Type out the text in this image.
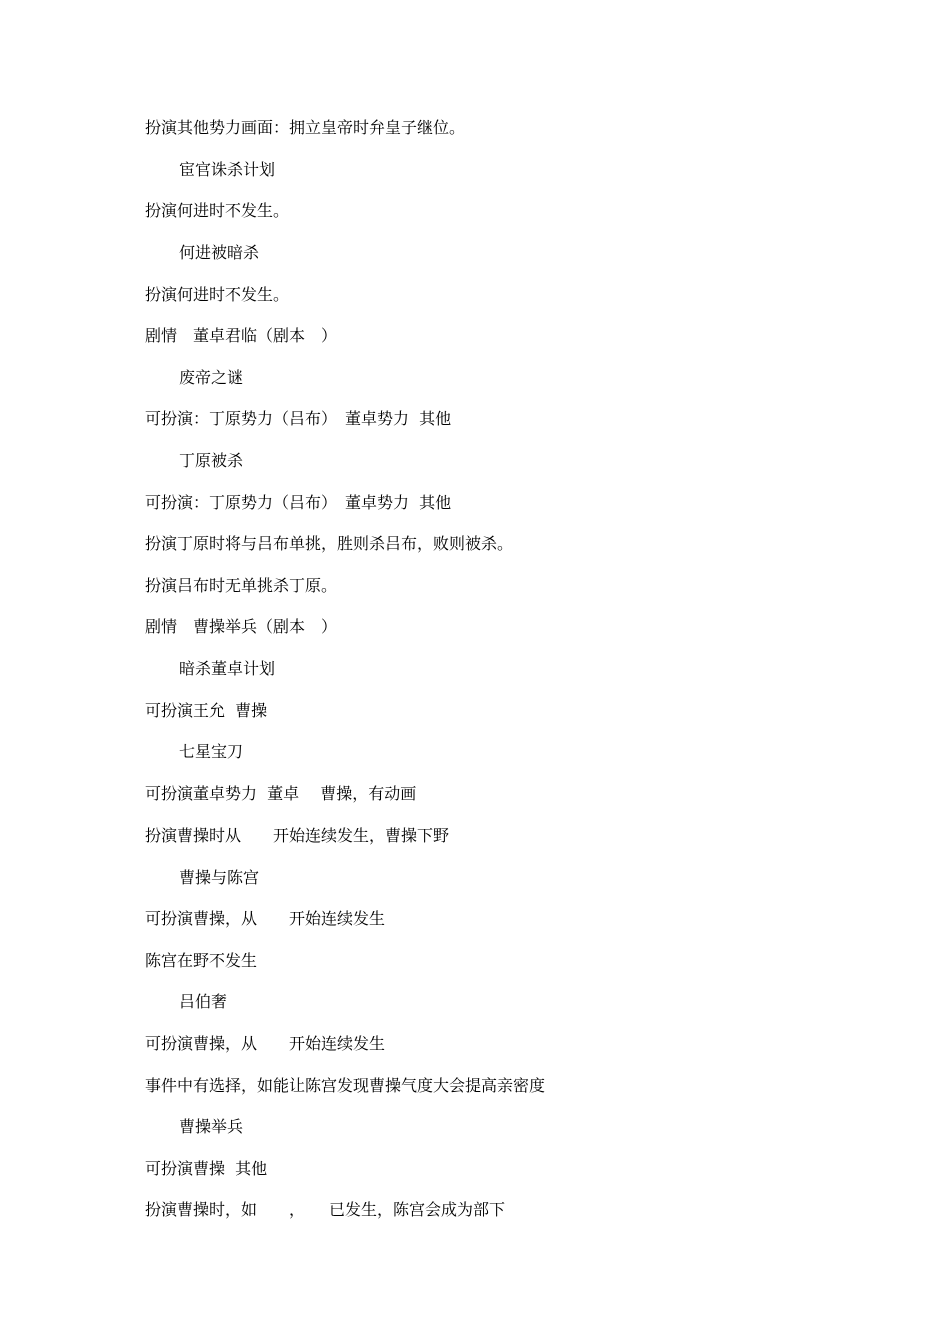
扮演其他势力画面：拥立皇帝时弁皇子继位。
宦官诛杀计划
扮演何进时不发生。
何进被暗杀
扮演何进时不发生。
剧情　董卓君临（剧本　）
废帝之谜
可扮演：丁原势力（吕布）　董卓势力  其他
丁原被杀
可扮演：丁原势力（吕布）　董卓势力  其他
扮演丁原时将与吕布单挑，胜则杀吕布，败则被杀。
扮演吕布时无单挑杀丁原。
剧情　曹操举兵（剧本　）
暗杀董卓计划
可扮演王允  曹操
七星宝刀
可扮演董卓势力  董卓　 曹操，有动画
扮演曹操时从　　开始连续发生，曹操下野
曹操与陈宫
可扮演曹操，从　　开始连续发生
陈宫在野不发生
吕伯奢
可扮演曹操，从　　开始连续发生
事件中有选择，如能让陈宫发现曹操气度大会提高亲密度
曹操举兵
可扮演曹操  其他
扮演曹操时，如　　，　　已发生，陈宫会成为部下
